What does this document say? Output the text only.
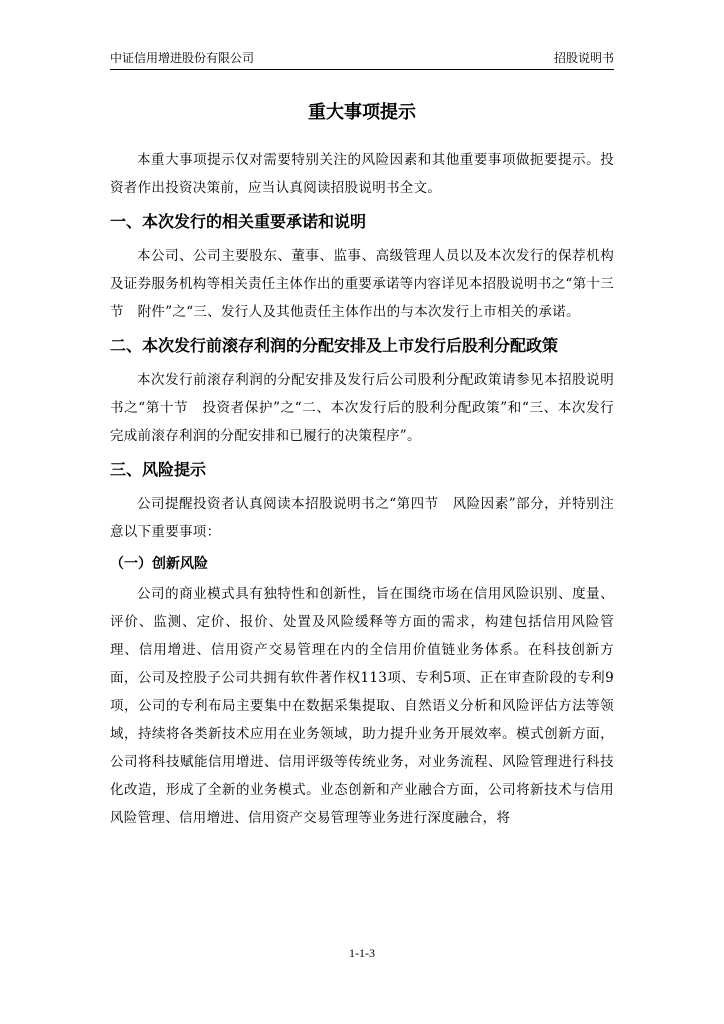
中证信用增进股份有限公司	招股说明书
重大事项提示

本重大事项提示仅对需要特别关注的风险因素和其他重要事项做扼要提示。投资者作出投资决策前，应当认真阅读招股说明书全文。

一、本次发行的相关重要承诺和说明

本公司、公司主要股东、董事、监事、高级管理人员以及本次发行的保荐机构及证券服务机构等相关责任主体作出的重要承诺等内容详见本招股说明书之“第十三节　附件”之“三、发行人及其他责任主体作出的与本次发行上市相关的承诺。

二、本次发行前滚存利润的分配安排及上市发行后股利分配政策

本次发行前滚存利润的分配安排及发行后公司股利分配政策请参见本招股说明书之“第十节　投资者保护”之“二、本次发行后的股利分配政策”和“三、本次发行完成前滚存利润的分配安排和已履行的决策程序”。

三、风险提示

公司提醒投资者认真阅读本招股说明书之“第四节　风险因素”部分，并特别注意以下重要事项：

（一）创新风险

公司的商业模式具有独特性和创新性，旨在围绕市场在信用风险识别、度量、评价、监测、定价、报价、处置及风险缓释等方面的需求，构建包括信用风险管理、信用增进、信用资产交易管理在内的全信用价值链业务体系。在科技创新方面，公司及控股子公司共拥有软件著作权113项、专利5项、正在审查阶段的专利9项，公司的专利布局主要集中在数据采集提取、自然语义分析和风险评估方法等领域，持续将各类新技术应用在业务领域，助力提升业务开展效率。模式创新方面，公司将科技赋能信用增进、信用评级等传统业务，对业务流程、风险管理进行科技化改造，形成了全新的业务模式。业态创新和产业融合方面，公司将新技术与信用风险管理、信用增进、信用资产交易管理等业务进行深度融合，将

1-1-3
